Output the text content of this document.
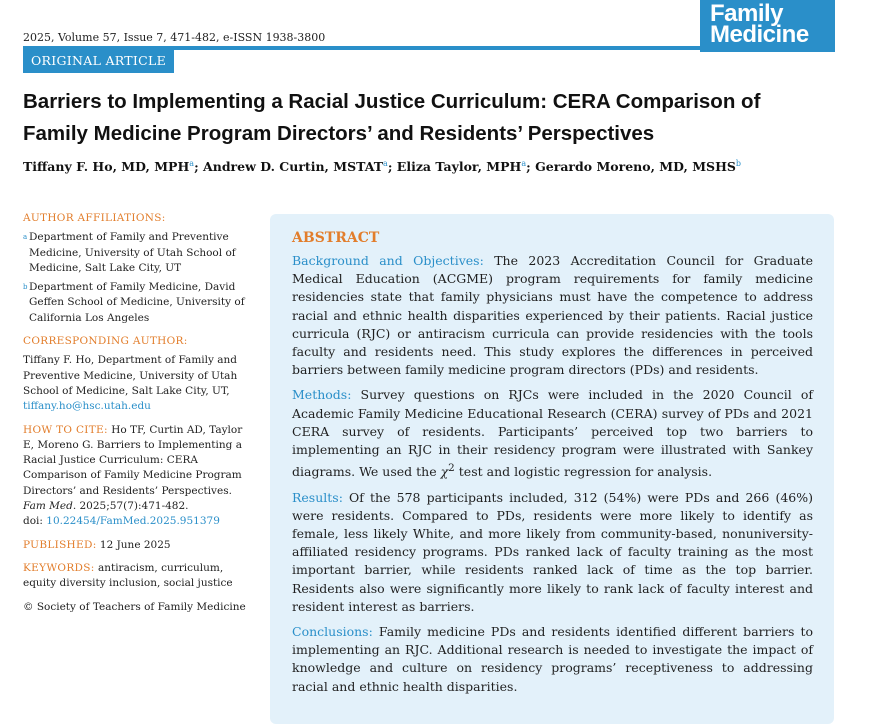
2025, Volume 57, Issue 7, 471-482, e-ISSN 1938-3800
Family
Medicine
ORIGINAL ARTICLE
Barriers to Implementing a Racial Justice Curriculum: CERA Comparison of Family Medicine Program Directors’ and Residents’ Perspectives
Tiffany F. Ho, MD, MPH$^a$; Andrew D. Curtin, MSTAT$^a$; Eliza Taylor, MPH$^a$; Gerardo Moreno, MD, MSHS$^b$
AUTHOR AFFILIATIONS:
a Department of Family and Preventive Medicine, University of Utah School of Medicine, Salt Lake City, UT
b Department of Family Medicine, David Geffen School of Medicine, University of California Los Angeles
CORRESPONDING AUTHOR:
Tiffany F. Ho, Department of Family and Preventive Medicine, University of Utah School of Medicine, Salt Lake City, UT, tiffany.ho@hsc.utah.edu
HOW TO CITE: Ho TF, Curtin AD, Taylor E, Moreno G. Barriers to Implementing a Racial Justice Curriculum: CERA Comparison of Family Medicine Program Directors’ and Residents’ Perspectives. Fam Med. 2025;57(7):471-482.
doi: 10.22454/FamMed.2025.951379
PUBLISHED: 12 June 2025
KEYWORDS: antiracism, curriculum, equity diversity inclusion, social justice
© Society of Teachers of Family Medicine
ABSTRACT

Background and Objectives: The 2023 Accreditation Council for Graduate Medical Education (ACGME) program requirements for family medicine residencies state that family physicians must have the competence to address racial and ethnic health disparities experienced by their patients. Racial justice curricula (RJC) or antiracism curricula can provide residencies with the tools faculty and residents need. This study explores the differences in perceived barriers between family medicine program directors (PDs) and residents.

Methods: Survey questions on RJCs were included in the 2020 Council of Academic Family Medicine Educational Research (CERA) survey of PDs and 2021 CERA survey of residents. Participants’ perceived top two barriers to implementing an RJC in their residency program were illustrated with Sankey diagrams. We used the $\chi^2$ test and logistic regression for analysis.

Results: Of the 578 participants included, 312 (54%) were PDs and 266 (46%) were residents. Compared to PDs, residents were more likely to identify as female, less likely White, and more likely from community-based, nonuniversity-affiliated residency programs. PDs ranked lack of faculty training as the most important barrier, while residents ranked lack of time as the top barrier. Residents also were significantly more likely to rank lack of faculty interest and resident interest as barriers.

Conclusions: Family medicine PDs and residents identified different barriers to implementing an RJC. Additional research is needed to investigate the impact of knowledge and culture on residency programs’ receptiveness to addressing racial and ethnic health disparities.
